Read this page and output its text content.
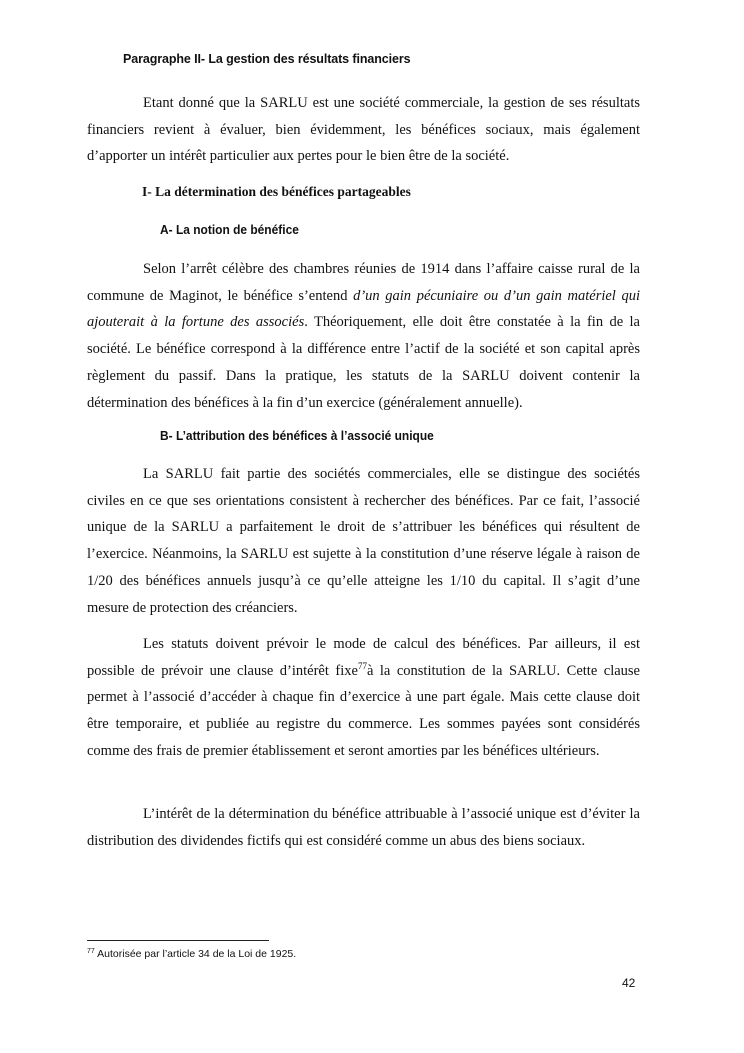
Paragraphe II- La gestion des résultats financiers

Etant donné que la SARLU est une société commerciale, la gestion de ses résultats financiers revient à évaluer, bien évidemment, les bénéfices sociaux, mais également d’apporter un intérêt particulier aux pertes pour le bien être de la société.

I- La détermination des bénéfices partageables
A- La notion de bénéfice

Selon l’arrêt célèbre des chambres réunies de 1914 dans l’affaire caisse rural de la commune de Maginot, le bénéfice s’entend d’un gain pécuniaire ou d’un gain matériel qui ajouterait à la fortune des associés. Théoriquement, elle doit être constatée à la fin de la société. Le bénéfice correspond à la différence entre l’actif de la société et son capital après règlement du passif. Dans la pratique, les statuts de la SARLU doivent contenir la détermination des bénéfices à la fin d’un exercice (généralement annuelle).

B- L’attribution des bénéfices à l’associé unique

La SARLU fait partie des sociétés commerciales, elle se distingue des sociétés civiles en ce que ses orientations consistent à rechercher des bénéfices. Par ce fait, l’associé unique de la SARLU a parfaitement le droit de s’attribuer les bénéfices qui résultent de l’exercice. Néanmoins, la SARLU est sujette à la constitution d’une réserve légale à raison de 1/20 des bénéfices annuels jusqu’à ce qu’elle atteigne les 1/10 du capital. Il s’agit d’une mesure de protection des créanciers.

Les statuts doivent prévoir le mode de calcul des bénéfices. Par ailleurs, il est possible de prévoir une clause d’intérêt fixe$^{77}$à la constitution de la SARLU. Cette clause permet à l’associé d’accéder à chaque fin d’exercice à une part égale. Mais cette clause doit être temporaire, et publiée au registre du commerce. Les sommes payées sont considérés comme des frais de premier établissement et seront amorties par les bénéfices ultérieurs.

L’intérêt de la détermination du bénéfice attribuable à l’associé unique est d’éviter la distribution des dividendes fictifs qui est considéré comme un abus des biens sociaux.

$^{77}$ Autorisée par l’article 34 de la Loi de 1925.
42
